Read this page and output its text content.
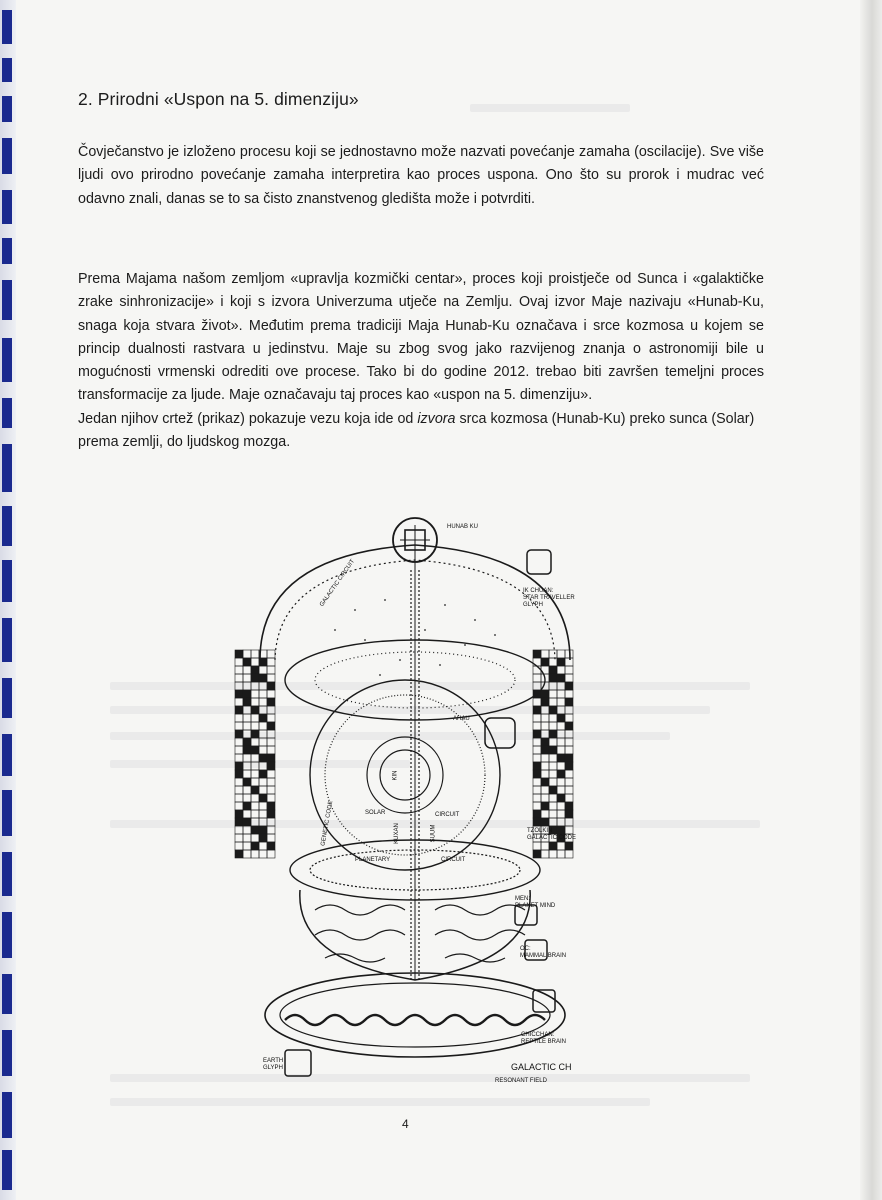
2. Prirodni «Uspon na 5. dimenziju»

Čovječanstvo je izloženo procesu koji se jednostavno može nazvati povećanje zamaha (oscilacije). Sve više ljudi ovo prirodno povećanje zamaha interpretira kao proces uspona. Ono što su prorok i mudrac već odavno znali, danas se to sa čisto znanstvenog gledišta može i potvrditi.

Prema Majama našom zemljom «upravlja kozmički centar», proces koji proistječe od Sunca i «galaktičke zrake sinhronizacije» i koji s izvora Univerzuma utječe na Zemlju. Ovaj izvor Maje nazivaju «Hunab-Ku, snaga koja stvara život». Međutim prema tradiciji Maja Hunab-Ku označava i srce kozmosa u kojem se princip dualnosti rastvara u jedinstvu. Maje su zbog svog jako razvijenog znanja o astronomiji bile u mogućnosti vrmenski odrediti ove procese. Tako bi do godine 2012. trebao biti završen temeljni proces transformacije za ljude. Maje označavaju taj proces kao «uspon na 5. dimenziju».

Jedan njihov crtež (prikaz) pokazuje vezu koja ide od izvora srca kozmosa (Hunab-Ku) preko sunca (Solar) prema zemlji, do ljudskog mozga.

HUNAB KU
GALACTIC CIRCUIT	IK CHUAN:
STAR TRAVELLER
GLYPH
AHAU
KIN
SOLAR	CIRCUIT
GENETIC CODE	KUXAN	SUUM	TZOLKIN
GALACTIC CODE
PLANETARY	CIRCUIT
MEN:
PLANET MIND
OC:
MAMMAL BRAIN
CHICCHAN:
REPTILE BRAIN
EARTH
GLYPH	GALACTIC CH
RESONANT FIELD
4
